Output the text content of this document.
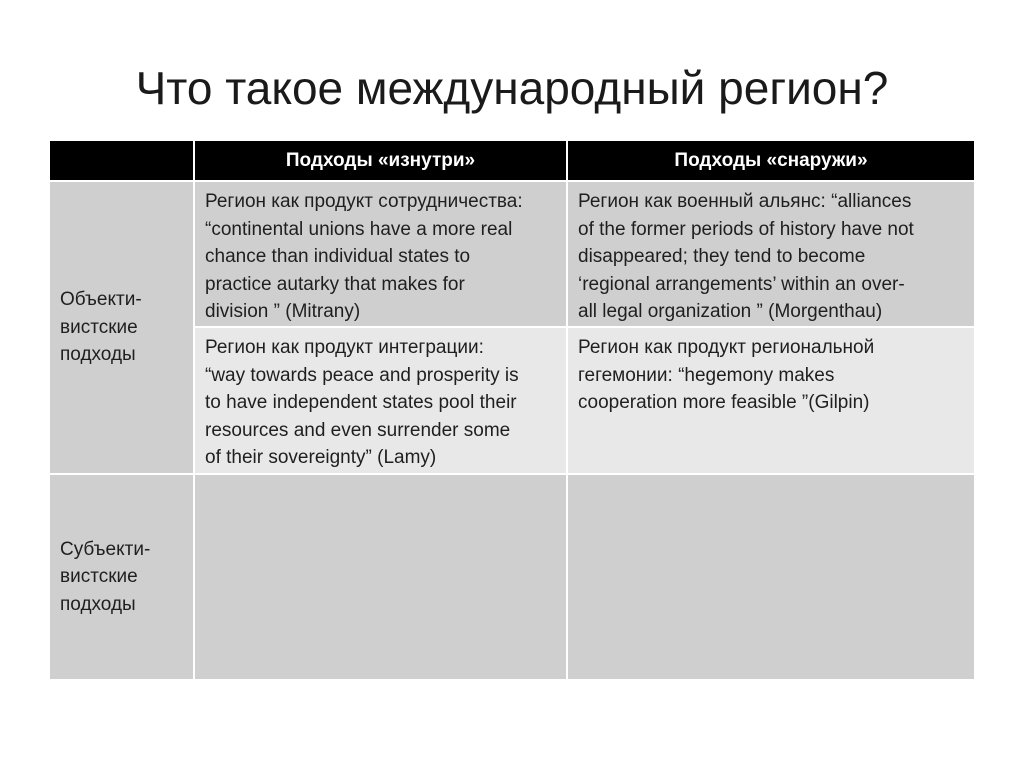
Что такое международный регион?
Подходы «изнутри»	Подходы «снаружи»
Объекти-
вистские
подходы
Регион как продукт сотрудничества:
“continental unions have a more real
chance than individual states to
practice autarky that makes for
division ” (Mitrany)
Регион как военный альянс: “alliances
of the former periods of history have not
disappeared; they tend to become
‘regional arrangements’ within an over-
all legal organization ” (Morgenthau)
Регион как продукт интеграции:
“way towards peace and prosperity is
to have independent states pool their
resources and even surrender some
of their sovereignty” (Lamy)
Регион как продукт региональной
гегемонии: “hegemony makes
cooperation more feasible ”(Gilpin)
Субъекти-
вистские
подходы
